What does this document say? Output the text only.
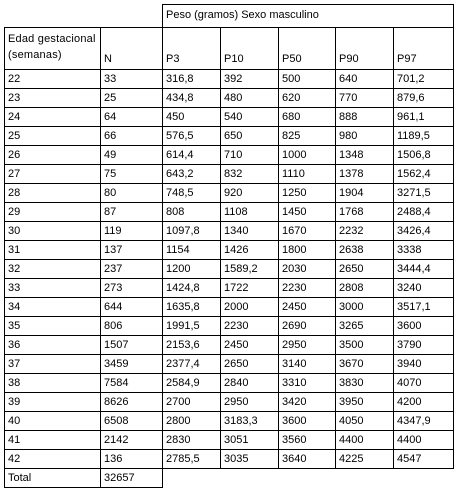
		Peso (gramos) Sexo masculino				

Edad gestacional
(semanas)	N	P3	P10	P50	P90	P97
22	33	316,8	392	500	640	701,2
23	25	434,8	480	620	770	879,6
24	64	450	540	680	888	961,1
25	66	576,5	650	825	980	1189,5
26	49	614,4	710	1000	1348	1506,8
27	75	643,2	832	1110	1378	1562,4
28	80	748,5	920	1250	1904	3271,5
29	87	808	1108	1450	1768	2488,4
30	119	1097,8	1340	1670	2232	3426,4
31	137	1154	1426	1800	2638	3338
32	237	1200	1589,2	2030	2650	3444,4
33	273	1424,8	1722	2230	2808	3240
34	644	1635,8	2000	2450	3000	3517,1
35	806	1991,5	2230	2690	3265	3600
36	1507	2153,6	2450	2950	3500	3790
37	3459	2377,4	2650	3140	3670	3940
38	7584	2584,9	2840	3310	3830	4070
39	8626	2700	2950	3420	3950	4200
40	6508	2800	3183,3	3600	4050	4347,9
41	2142	2830	3051	3560	4400	4400
42	136	2785,5	3035	3640	4225	4547
Total	32657					
